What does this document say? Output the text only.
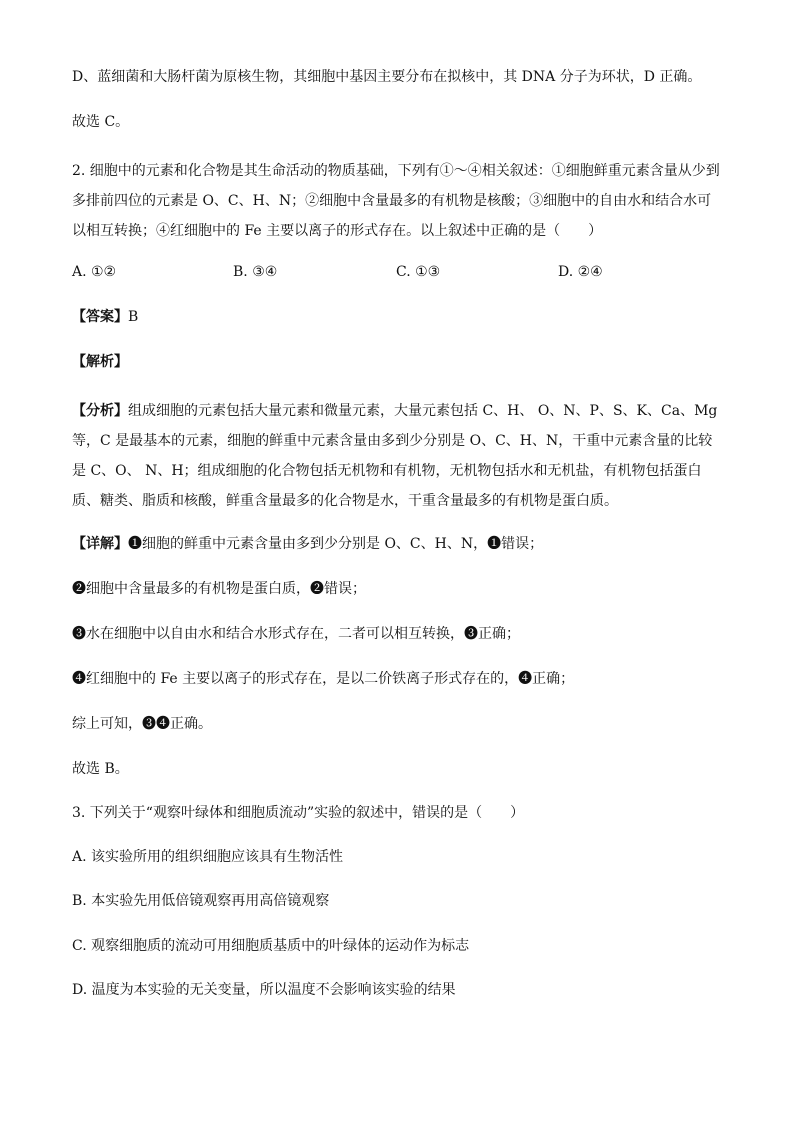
D、蓝细菌和大肠杆菌为原核生物，其细胞中基因主要分布在拟核中，其 DNA 分子为环状，D 正确。
故选 C。
2. 细胞中的元素和化合物是其生命活动的物质基础，下列有①～④相关叙述：①细胞鲜重元素含量从少到多排前四位的元素是 O、C、H、N；②细胞中含量最多的有机物是核酸；③细胞中的自由水和结合水可以相互转换；④红细胞中的 Fe 主要以离子的形式存在。以上叙述中正确的是（　　）
A. ①②	B. ③④	C. ①③	D. ②④
【答案】B
【解析】
【分析】组成细胞的元素包括大量元素和微量元素，大量元素包括 C、H、 O、N、P、S、K、Ca、Mg 等，C 是最基本的元素，细胞的鲜重中元素含量由多到少分别是 O、C、H、N，干重中元素含量的比较是 C、O、 N、H；组成细胞的化合物包括无机物和有机物，无机物包括水和无机盐，有机物包括蛋白质、糖类、脂质和核酸，鲜重含量最多的化合物是水，干重含量最多的有机物是蛋白质。
【详解】❶细胞的鲜重中元素含量由多到少分别是 O、C、H、N，❶错误；
❷细胞中含量最多的有机物是蛋白质，❷错误；
❸水在细胞中以自由水和结合水形式存在，二者可以相互转换，❸正确；
❹红细胞中的 Fe 主要以离子的形式存在，是以二价铁离子形式存在的，❹正确；
综上可知，❸❹正确。
故选 B。
3. 下列关于“观察叶绿体和细胞质流动”实验的叙述中，错误的是（　　）
A. 该实验所用的组织细胞应该具有生物活性
B. 本实验先用低倍镜观察再用高倍镜观察
C. 观察细胞质的流动可用细胞质基质中的叶绿体的运动作为标志
D. 温度为本实验的无关变量，所以温度不会影响该实验的结果
